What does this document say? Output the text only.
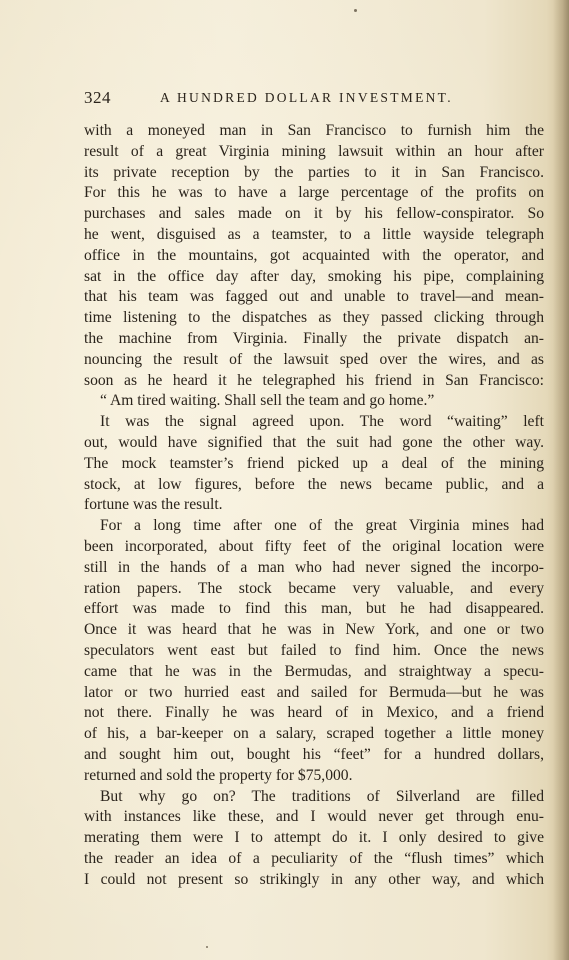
324	A HUNDRED DOLLAR INVESTMENT.
with a moneyed man in San Francisco to furnish him the
result of a great Virginia mining lawsuit within an hour after
its private reception by the parties to it in San Francisco.
For this he was to have a large percentage of the profits on
purchases and sales made on it by his fellow-conspirator. So
he went, disguised as a teamster, to a little wayside telegraph
office in the mountains, got acquainted with the operator, and
sat in the office day after day, smoking his pipe, complaining
that his team was fagged out and unable to travel—and mean-
time listening to the dispatches as they passed clicking through
the machine from Virginia. Finally the private dispatch an-
nouncing the result of the lawsuit sped over the wires, and as
soon as he heard it he telegraphed his friend in San Francisco:
“ Am tired waiting. Shall sell the team and go home.”
It was the signal agreed upon. The word “waiting” left
out, would have signified that the suit had gone the other way.
The mock teamster’s friend picked up a deal of the mining
stock, at low figures, before the news became public, and a
fortune was the result.
For a long time after one of the great Virginia mines had
been incorporated, about fifty feet of the original location were
still in the hands of a man who had never signed the incorpo-
ration papers. The stock became very valuable, and every
effort was made to find this man, but he had disappeared.
Once it was heard that he was in New York, and one or two
speculators went east but failed to find him. Once the news
came that he was in the Bermudas, and straightway a specu-
lator or two hurried east and sailed for Bermuda—but he was
not there. Finally he was heard of in Mexico, and a friend
of his, a bar-keeper on a salary, scraped together a little money
and sought him out, bought his “feet” for a hundred dollars,
returned and sold the property for $75,000.
But why go on? The traditions of Silverland are filled
with instances like these, and I would never get through enu-
merating them were I to attempt do it. I only desired to give
the reader an idea of a peculiarity of the “flush times” which
I could not present so strikingly in any other way, and which
